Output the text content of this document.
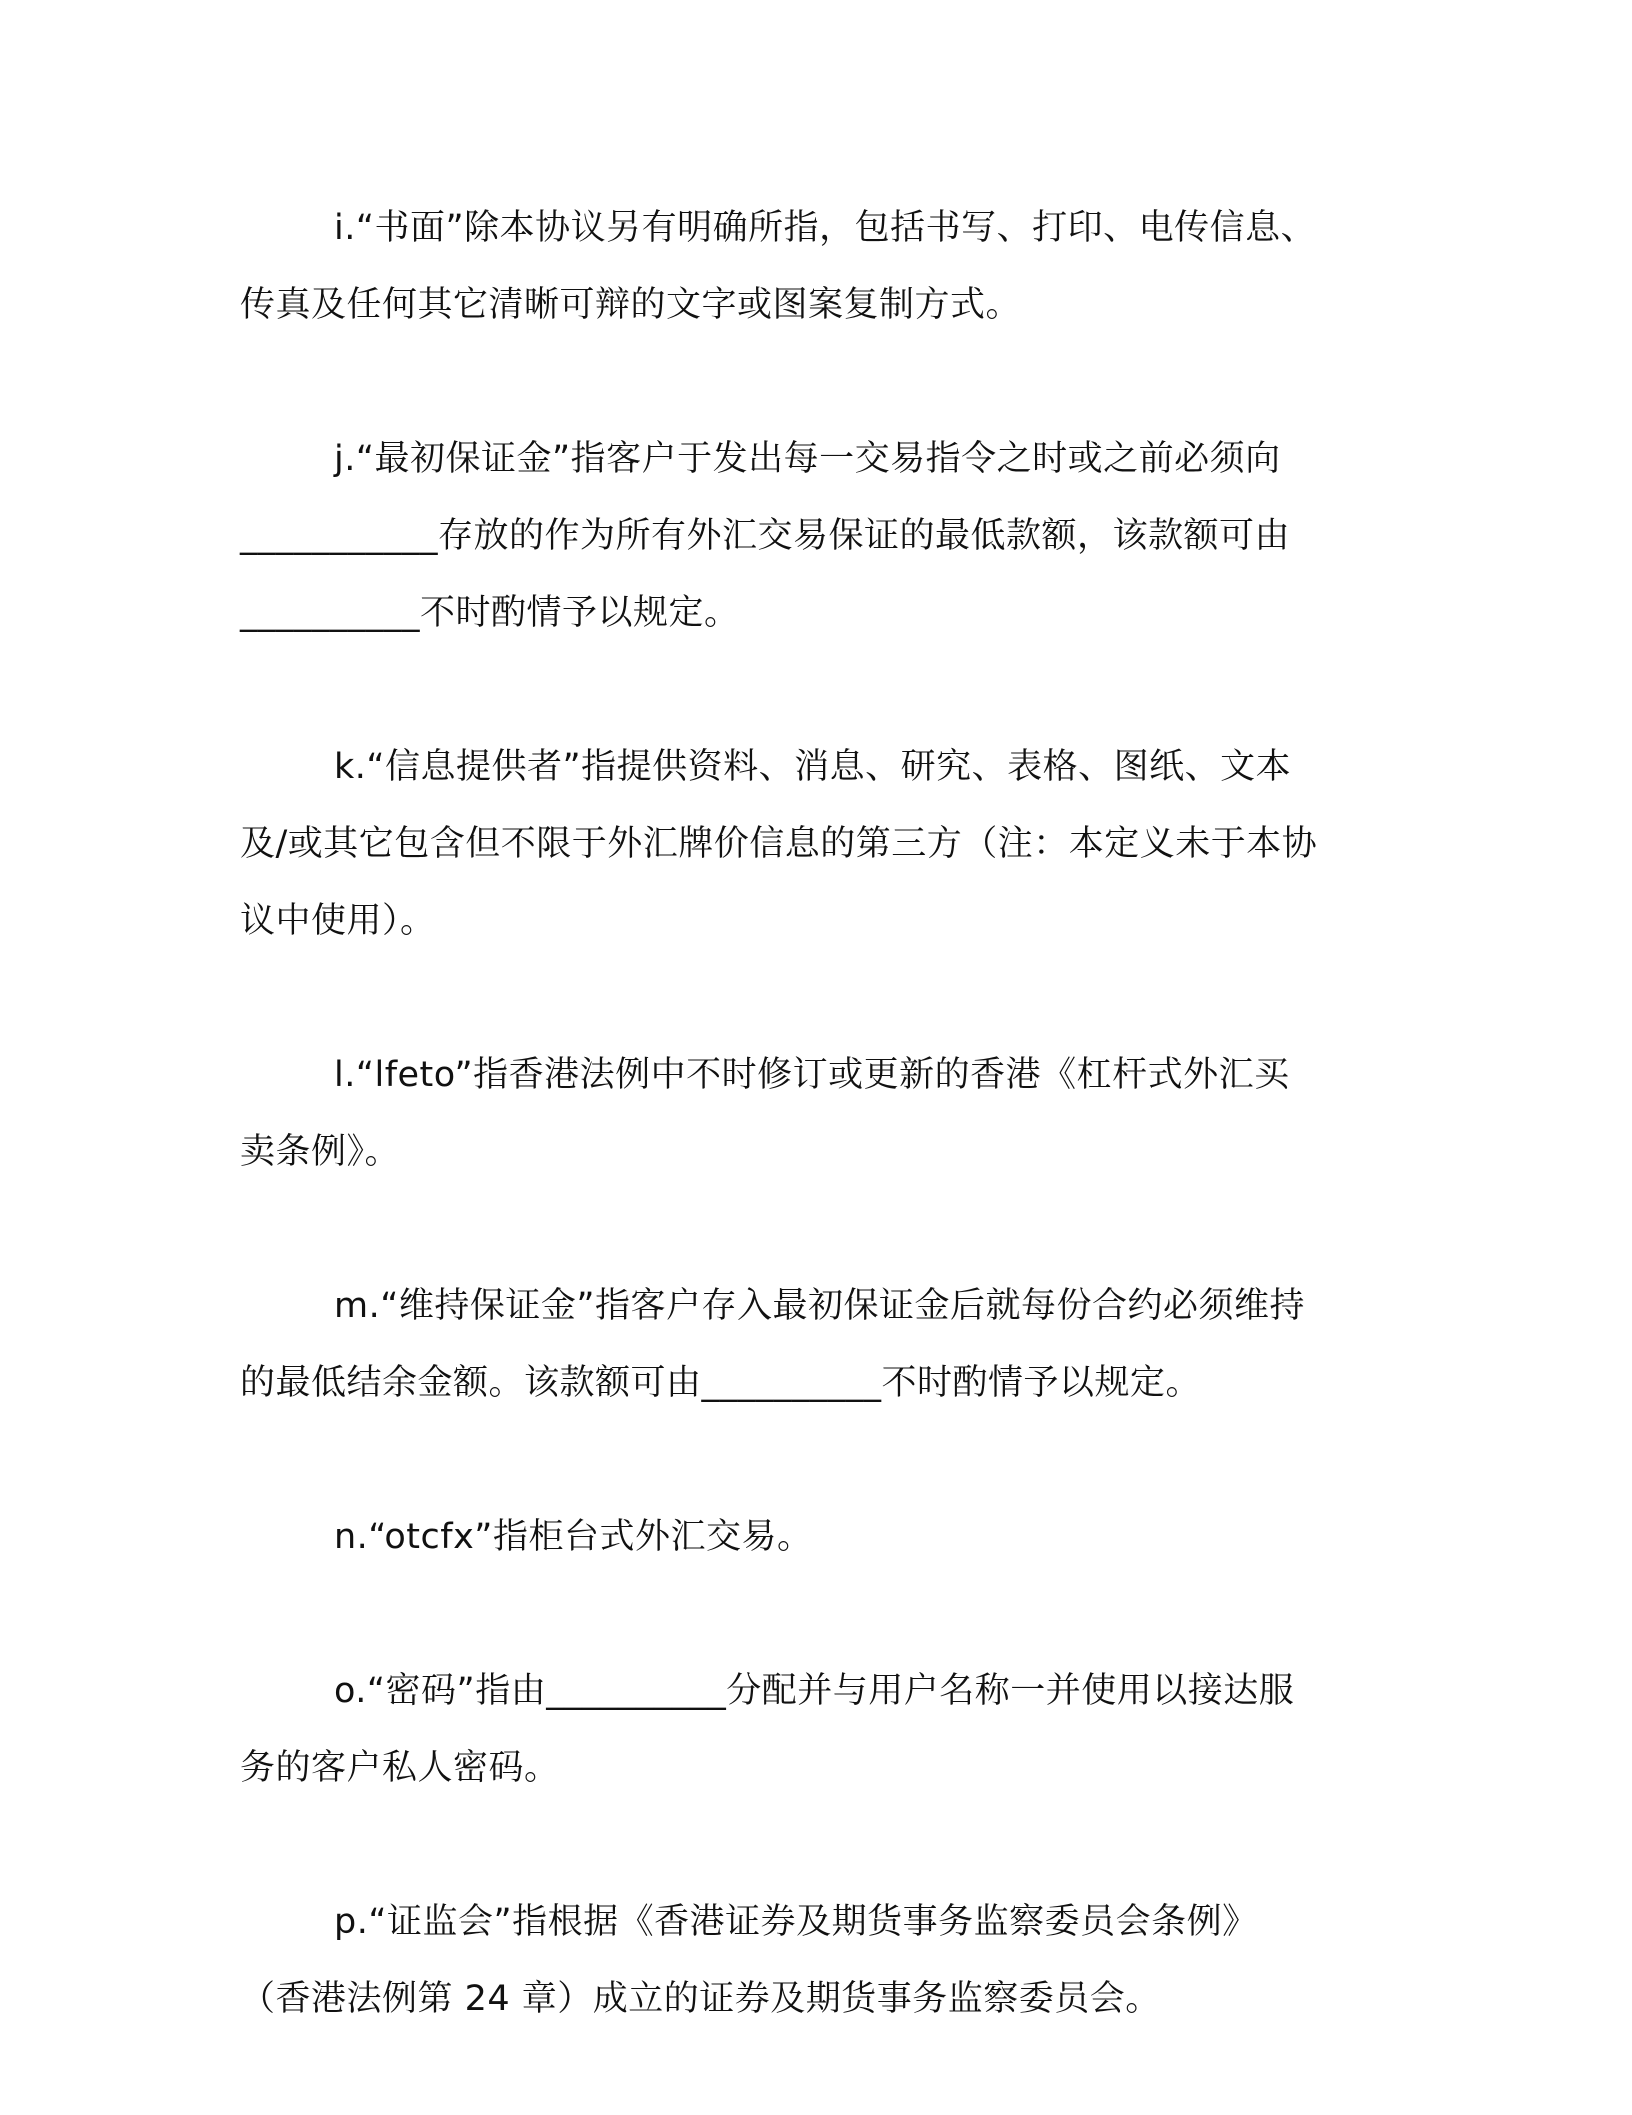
i.“书面”除本协议另有明确所指，包括书写、打印、电传信息、
传真及任何其它清晰可辩的文字或图案复制方式。
j.“最初保证金”指客户于发出每一交易指令之时或之前必须向
___________存放的作为所有外汇交易保证的最低款额，该款额可由
__________不时酌情予以规定。
k.“信息提供者”指提供资料、消息、研究、表格、图纸、文本
及/或其它包含但不限于外汇牌价信息的第三方（注：本定义未于本协
议中使用）。
l.“lfeto”指香港法例中不时修订或更新的香港《杠杆式外汇买
卖条例》。
m.“维持保证金”指客户存入最初保证金后就每份合约必须维持
的最低结余金额。该款额可由__________不时酌情予以规定。
n.“otcfx”指柜台式外汇交易。
o.“密码”指由__________分配并与用户名称一并使用以接达服
务的客户私人密码。
p.“证监会”指根据《香港证券及期货事务监察委员会条例》
（香港法例第 24 章）成立的证券及期货事务监察委员会。
